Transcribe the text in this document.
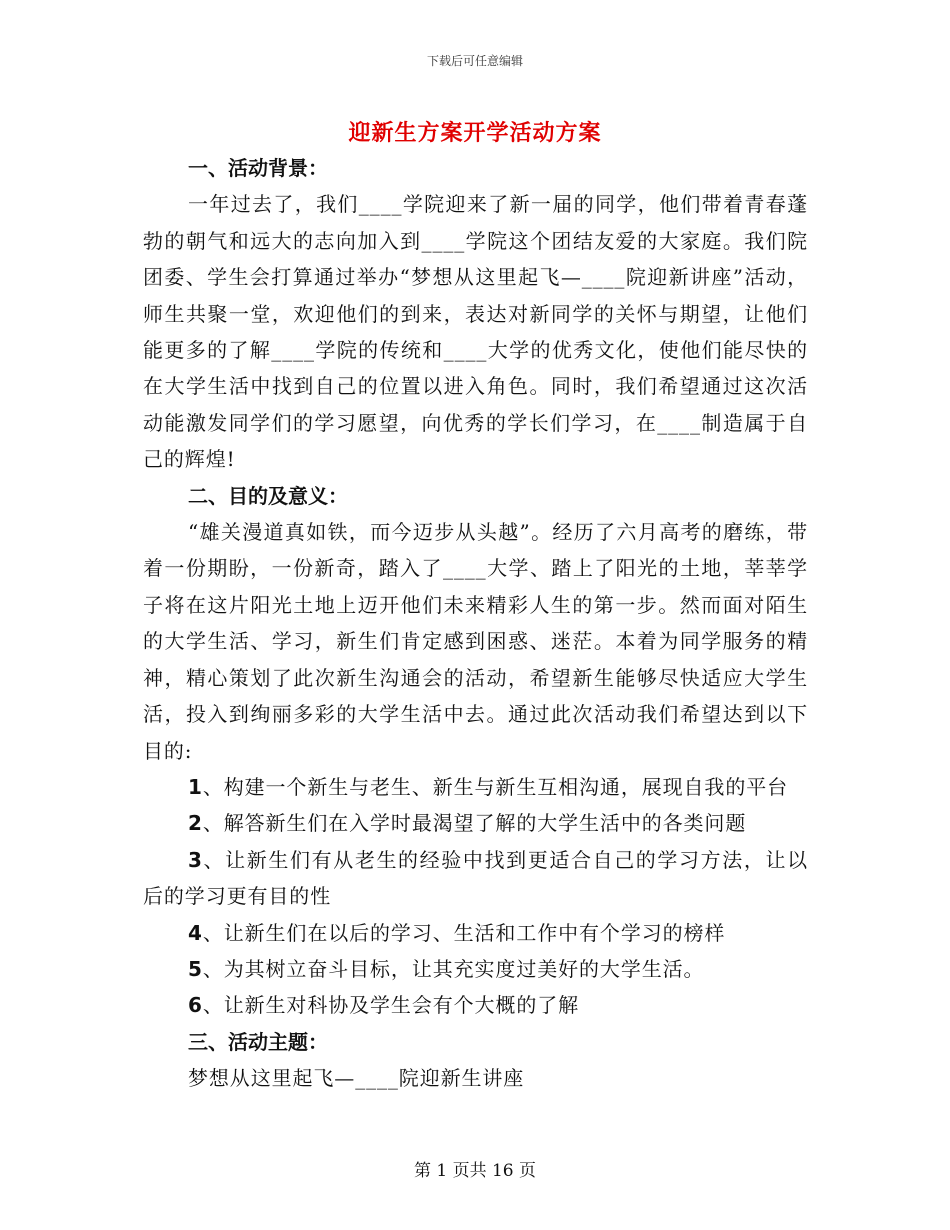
下载后可任意编辑
迎新生方案开学活动方案
一、活动背景：
一年过去了，我们____学院迎来了新一届的同学，他们带着青春蓬勃的朝气和远大的志向加入到____学院这个团结友爱的大家庭。我们院团委、学生会打算通过举办“梦想从这里起飞—____院迎新讲座”活动，师生共聚一堂，欢迎他们的到来，表达对新同学的关怀与期望，让他们能更多的了解____学院的传统和____大学的优秀文化，使他们能尽快的在大学生活中找到自己的位置以进入角色。同时，我们希望通过这次活动能激发同学们的学习愿望，向优秀的学长们学习，在____制造属于自己的辉煌!
二、目的及意义：
“雄关漫道真如铁，而今迈步从头越”。经历了六月高考的磨练，带着一份期盼，一份新奇，踏入了____大学、踏上了阳光的土地，莘莘学子将在这片阳光土地上迈开他们未来精彩人生的第一步。然而面对陌生的大学生活、学习，新生们肯定感到困惑、迷茫。本着为同学服务的精神，精心策划了此次新生沟通会的活动，希望新生能够尽快适应大学生活，投入到绚丽多彩的大学生活中去。通过此次活动我们希望达到以下目的:
1、构建一个新生与老生、新生与新生互相沟通，展现自我的平台
2、解答新生们在入学时最渴望了解的大学生活中的各类问题
3、让新生们有从老生的经验中找到更适合自己的学习方法，让以后的学习更有目的性
4、让新生们在以后的学习、生活和工作中有个学习的榜样
5、为其树立奋斗目标，让其充实度过美好的大学生活。
6、让新生对科协及学生会有个大概的了解
三、活动主题：
梦想从这里起飞—____院迎新生讲座
第 1 页共 16 页
